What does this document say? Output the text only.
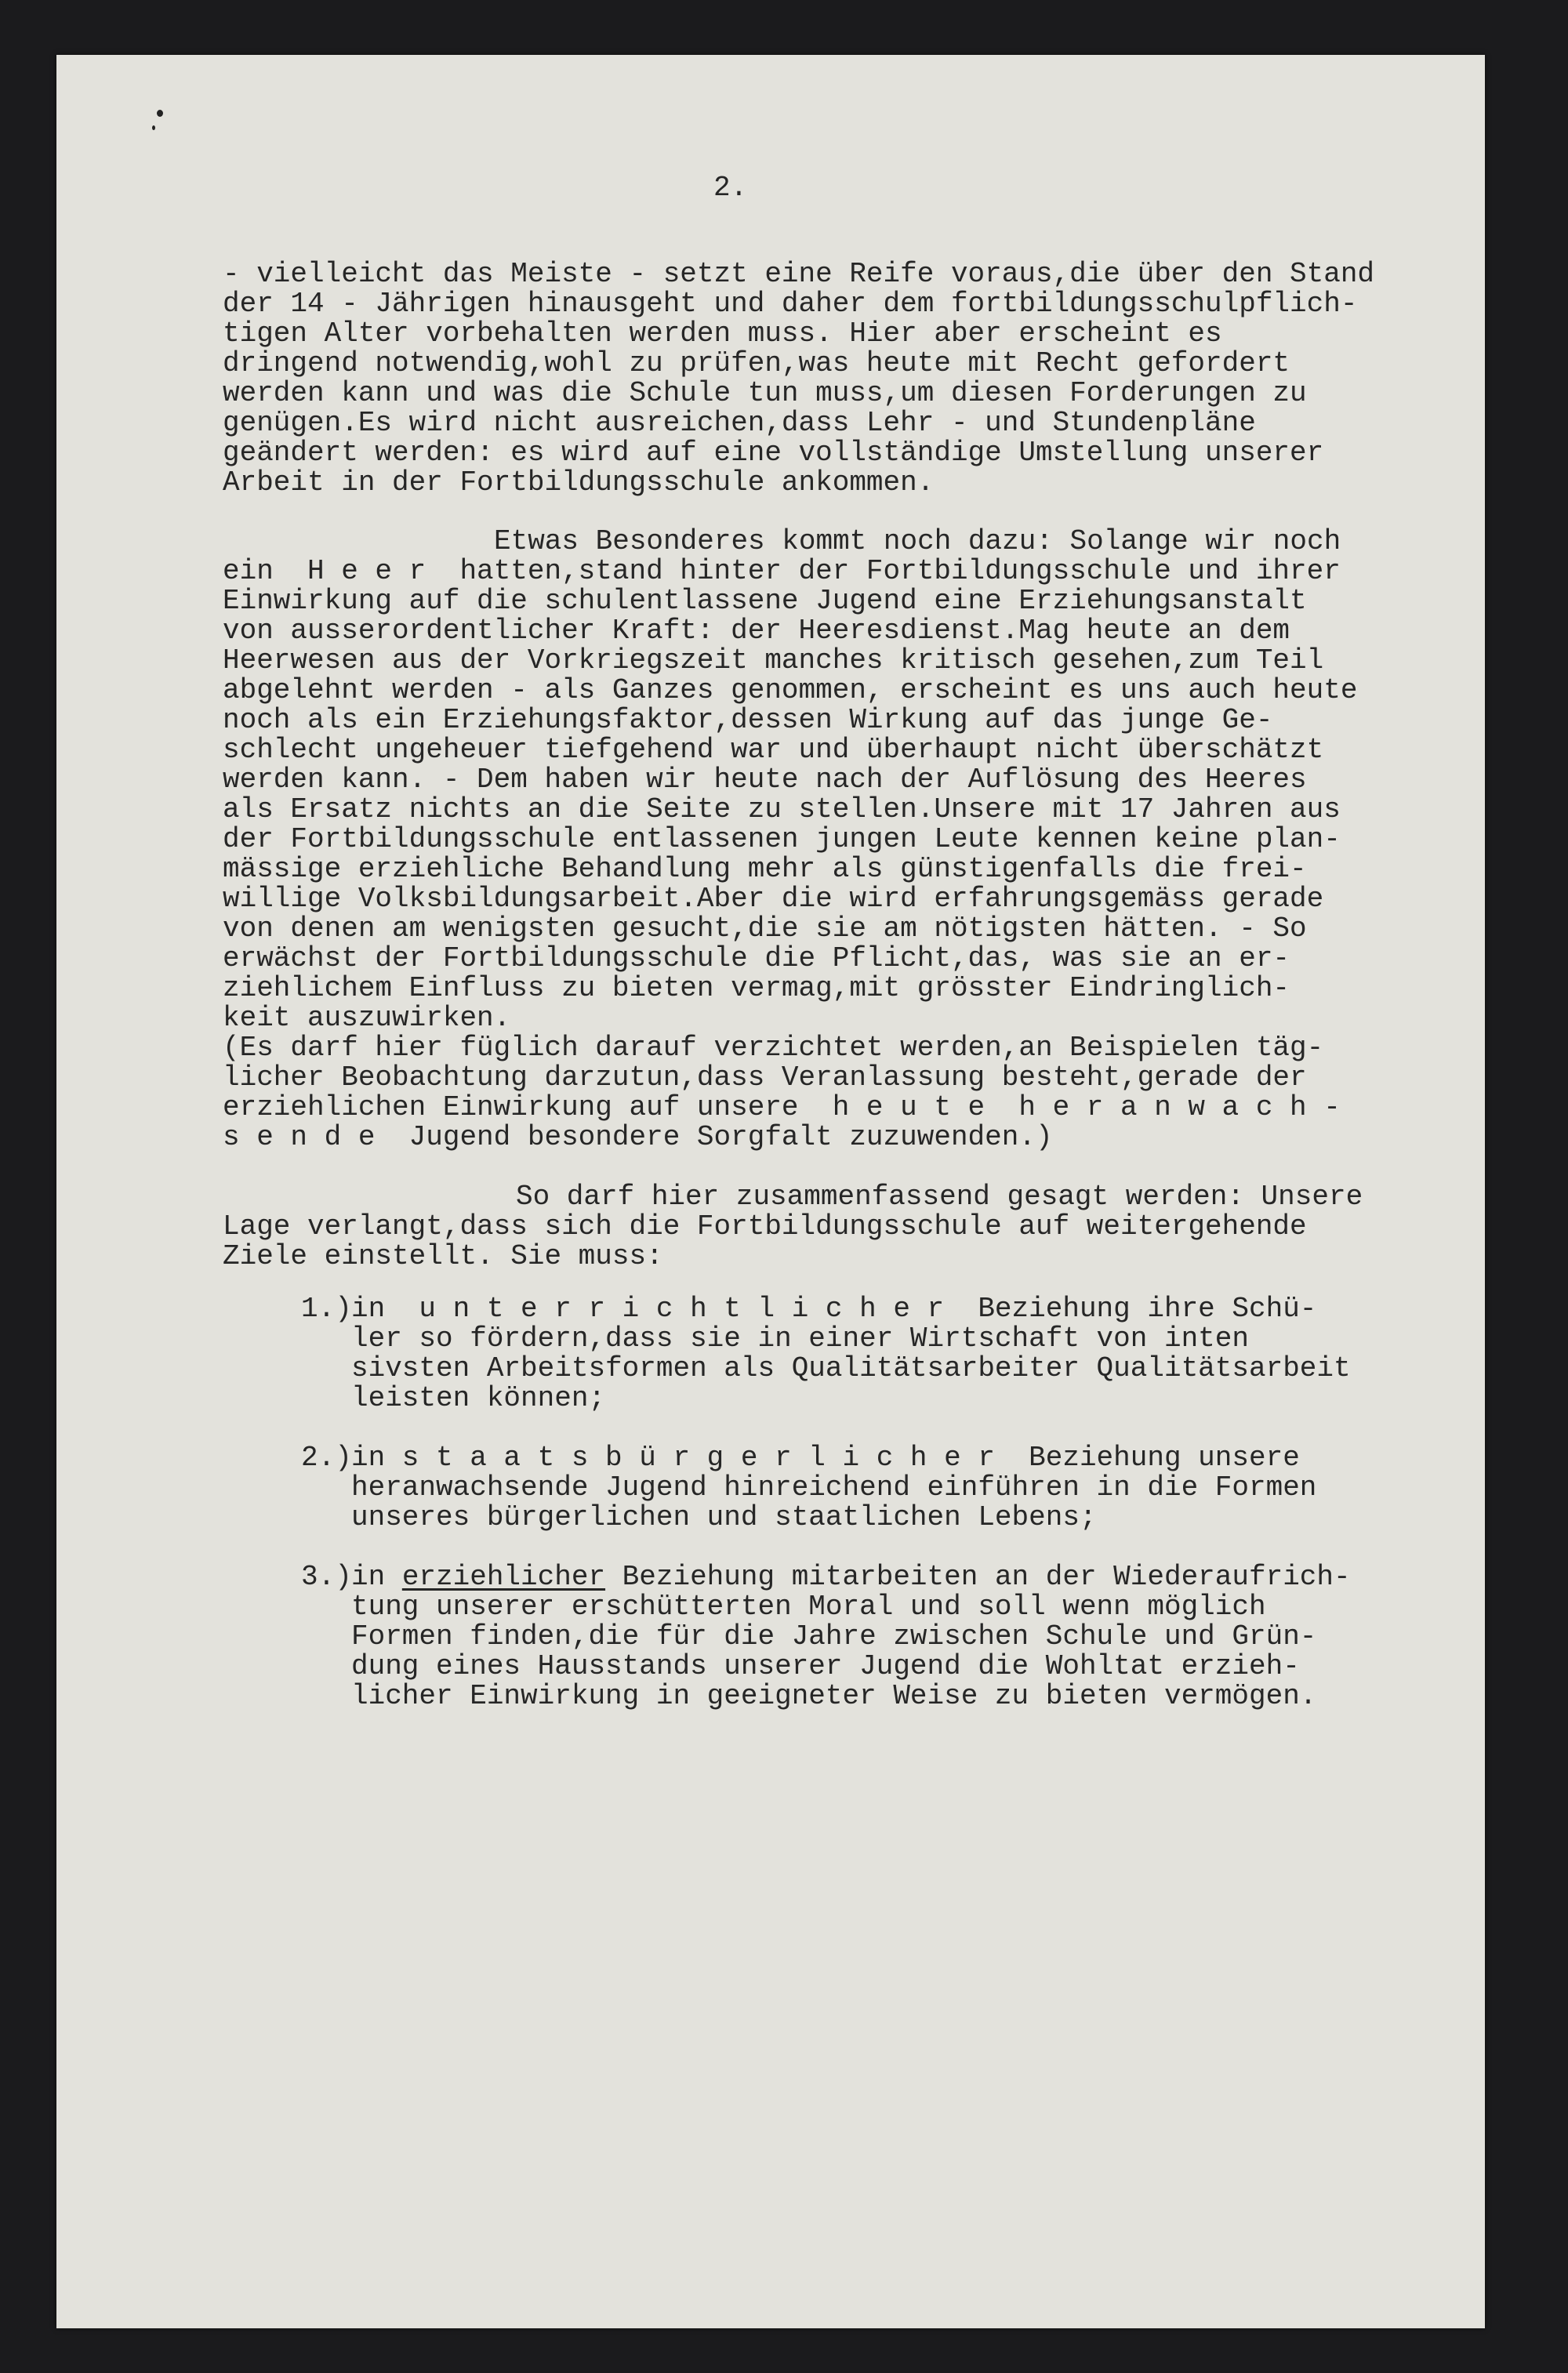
2.
- vielleicht das Meiste - setzt eine Reife voraus,die über den Stand
der 14 - Jährigen hinausgeht und daher dem fortbildungsschulpflich-
tigen Alter vorbehalten werden muss. Hier aber erscheint es
dringend notwendig,wohl zu prüfen,was heute mit Recht gefordert
werden kann und was die Schule tun muss,um diesen Forderungen zu
genügen.Es wird nicht ausreichen,dass Lehr - und Stundenpläne
geändert werden: es wird auf eine vollständige Umstellung unserer
Arbeit in der Fortbildungsschule ankommen.
Etwas Besonderes kommt noch dazu: Solange wir noch
ein  H e e r  hatten,stand hinter der Fortbildungsschule und ihrer
Einwirkung auf die schulentlassene Jugend eine Erziehungsanstalt
von ausserordentlicher Kraft: der Heeresdienst.Mag heute an dem
Heerwesen aus der Vorkriegszeit manches kritisch gesehen,zum Teil
abgelehnt werden - als Ganzes genommen, erscheint es uns auch heute
noch als ein Erziehungsfaktor,dessen Wirkung auf das junge Ge-
schlecht ungeheuer tiefgehend war und überhaupt nicht überschätzt
werden kann. - Dem haben wir heute nach der Auflösung des Heeres
als Ersatz nichts an die Seite zu stellen.Unsere mit 17 Jahren aus
der Fortbildungsschule entlassenen jungen Leute kennen keine plan-
mässige erziehliche Behandlung mehr als günstigenfalls die frei-
willige Volksbildungsarbeit.Aber die wird erfahrungsgemäss gerade
von denen am wenigsten gesucht,die sie am nötigsten hätten. - So
erwächst der Fortbildungsschule die Pflicht,das, was sie an er-
ziehlichem Einfluss zu bieten vermag,mit grösster Eindringlich-
keit auszuwirken.
(Es darf hier füglich darauf verzichtet werden,an Beispielen täg-
licher Beobachtung darzutun,dass Veranlassung besteht,gerade der
erziehlichen Einwirkung auf unsere  h e u t e  h e r a n w a c h -
s e n d e  Jugend besondere Sorgfalt zuzuwenden.)
So darf hier zusammenfassend gesagt werden: Unsere
Lage verlangt,dass sich die Fortbildungsschule auf weitergehende
Ziele einstellt. Sie muss:
1.) in  u n t e r r i c h t l i c h e r  Beziehung ihre Schü-
ler so fördern,dass sie in einer Wirtschaft von inten
sivsten Arbeitsformen als Qualitätsarbeiter Qualitätsarbeit
leisten können;
2.) in s t a a t s b ü r g e r l i c h e r  Beziehung unsere
heranwachsende Jugend hinreichend einführen in die Formen
unseres bürgerlichen und staatlichen Lebens;
3.) in erziehlicher Beziehung mitarbeiten an der Wiederaufrich-
tung unserer erschütterten Moral und soll wenn möglich
Formen finden,die für die Jahre zwischen Schule und Grün-
dung eines Hausstands unserer Jugend die Wohltat erzieh-
licher Einwirkung in geeigneter Weise zu bieten vermögen.
